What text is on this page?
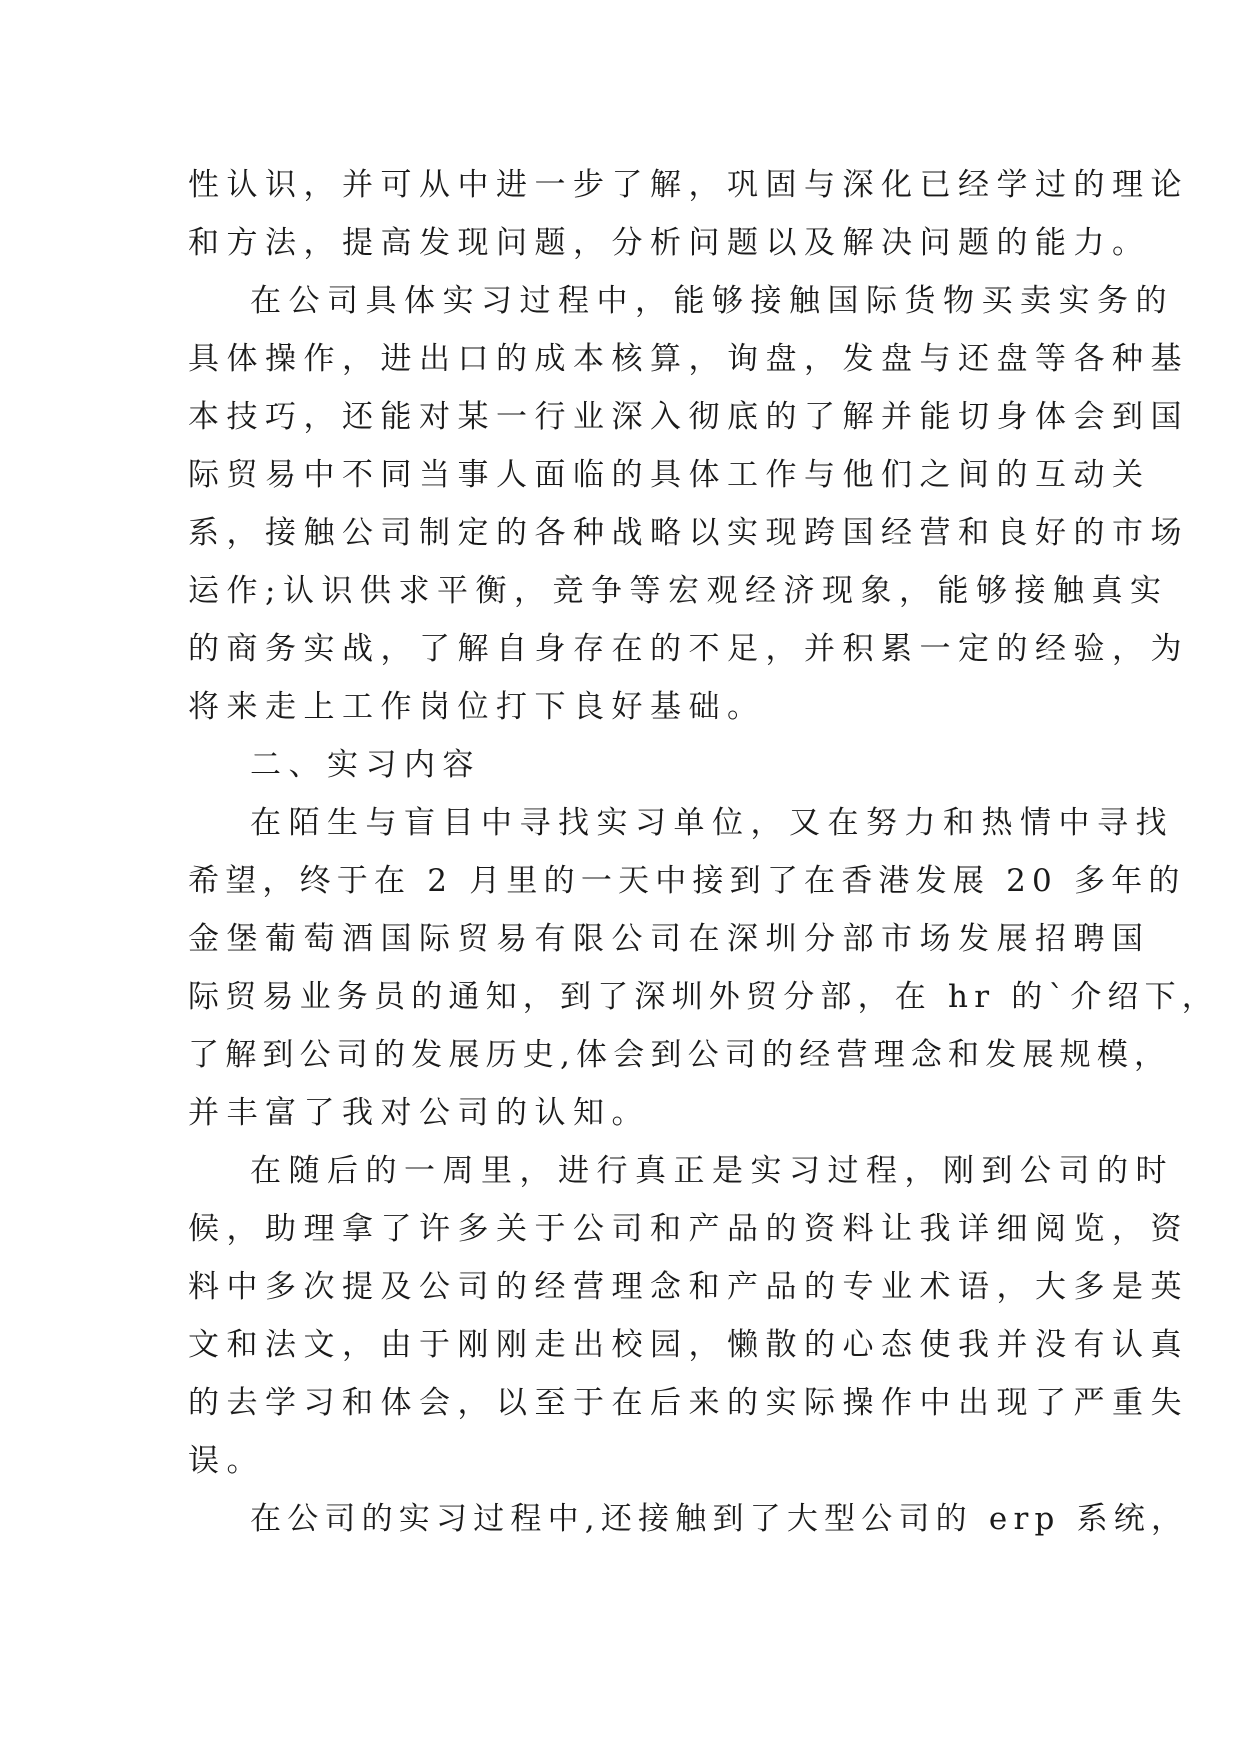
性认识，并可从中进一步了解，巩固与深化已经学过的理论
和方法，提高发现问题，分析问题以及解决问题的能力。
在公司具体实习过程中，能够接触国际货物买卖实务的
具体操作，进出口的成本核算，询盘，发盘与还盘等各种基
本技巧，还能对某一行业深入彻底的了解并能切身体会到国
际贸易中不同当事人面临的具体工作与他们之间的互动关
系，接触公司制定的各种战略以实现跨国经营和良好的市场
运作;认识供求平衡，竞争等宏观经济现象，能够接触真实
的商务实战，了解自身存在的不足，并积累一定的经验，为
将来走上工作岗位打下良好基础。
二、实习内容
在陌生与盲目中寻找实习单位，又在努力和热情中寻找
希望，终于在 2 月里的一天中接到了在香港发展 20 多年的
金堡葡萄酒国际贸易有限公司在深圳分部市场发展招聘国
际贸易业务员的通知，到了深圳外贸分部，在 hr 的`介绍下，
了解到公司的发展历史,体会到公司的经营理念和发展规模，
并丰富了我对公司的认知。
在随后的一周里，进行真正是实习过程，刚到公司的时
候，助理拿了许多关于公司和产品的资料让我详细阅览，资
料中多次提及公司的经营理念和产品的专业术语，大多是英
文和法文，由于刚刚走出校园，懒散的心态使我并没有认真
的去学习和体会，以至于在后来的实际操作中出现了严重失
误。
在公司的实习过程中,还接触到了大型公司的 erp 系统，
